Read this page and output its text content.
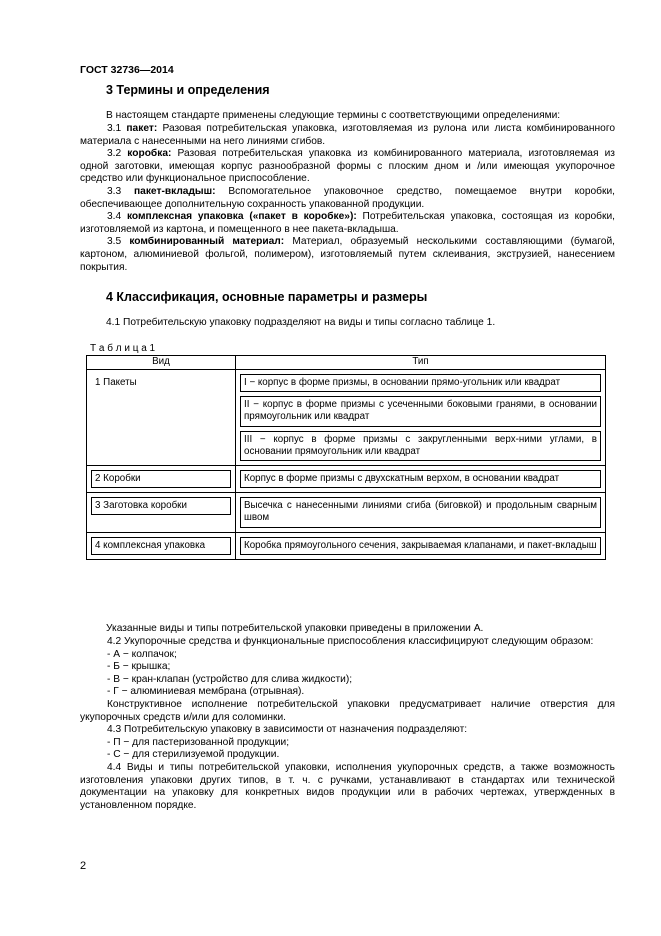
ГОСТ 32736—2014
3 Термины и определения
В настоящем стандарте применены следующие термины с соответствующими определениями:
3.1 пакет: Разовая потребительская упаковка, изготовляемая из рулона или листа комбинированного материала с нанесенными на него линиями сгибов.
3.2 коробка: Разовая потребительская упаковка из комбинированного материала, изготовляемая из одной заготовки, имеющая корпус разнообразной формы с плоским дном и /или имеющая укупорочное средство или функциональное приспособление.
3.3 пакет-вкладыш: Вспомогательное упаковочное средство, помещаемое внутри коробки, обеспечивающее дополнительную сохранность упакованной продукции.
3.4 комплексная упаковка («пакет в коробке»): Потребительская упаковка, состоящая из коробки, изготовляемой из картона, и помещенного в нее пакета-вкладыша.
3.5 комбинированный материал: Материал, образуемый несколькими составляющими (бумагой, картоном, алюминиевой фольгой, полимером), изготовляемый путем склеивания, экструзией, нанесением покрытия.
4 Классификация, основные параметры и размеры
4.1 Потребительскую упаковку подразделяют на виды и типы согласно таблице 1.
Т а б л и ц а 1
Вид	Тип

1 Пакеты	I − корпус в форме призмы, в основании прямо-угольник или квадрат
II − корпус в форме призмы с усеченными боковыми гранями, в основании прямоугольник или квадрат
III − корпус в форме призмы с закругленными верх-ними углами, в основании прямоугольник или квадрат

2 Коробки	Корпус в форме призмы с двухскатным верхом, в основании квадрат

3 Заготовка коробки	Высечка с нанесенными линиями сгиба (биговкой) и продольным сварным швом

4 комплексная упаковка	Коробка прямоугольного сечения, закрываемая клапанами, и пакет-вкладыш
Указанные виды и типы потребительской упаковки приведены в приложении А.
4.2 Укупорочные средства и функциональные приспособления классифицируют следующим образом:
- А − колпачок;
- Б − крышка;
- В − кран-клапан (устройство для слива жидкости);
- Г − алюминиевая мембрана (отрывная).
Конструктивное исполнение потребительской упаковки предусматривает наличие отверстия для укупорочных средств и/или для соломинки.
4.3 Потребительскую упаковку в зависимости от назначения подразделяют:
- П − для пастеризованной продукции;
- С − для стерилизуемой продукции.
4.4 Виды и типы потребительской упаковки, исполнения укупорочных средств, а также возможность изготовления упаковки других типов, в т. ч. с ручками, устанавливают в стандартах или технической документации на упаковку для конкретных видов продукции или в рабочих чертежах, утвержденных в установленном порядке.
2
